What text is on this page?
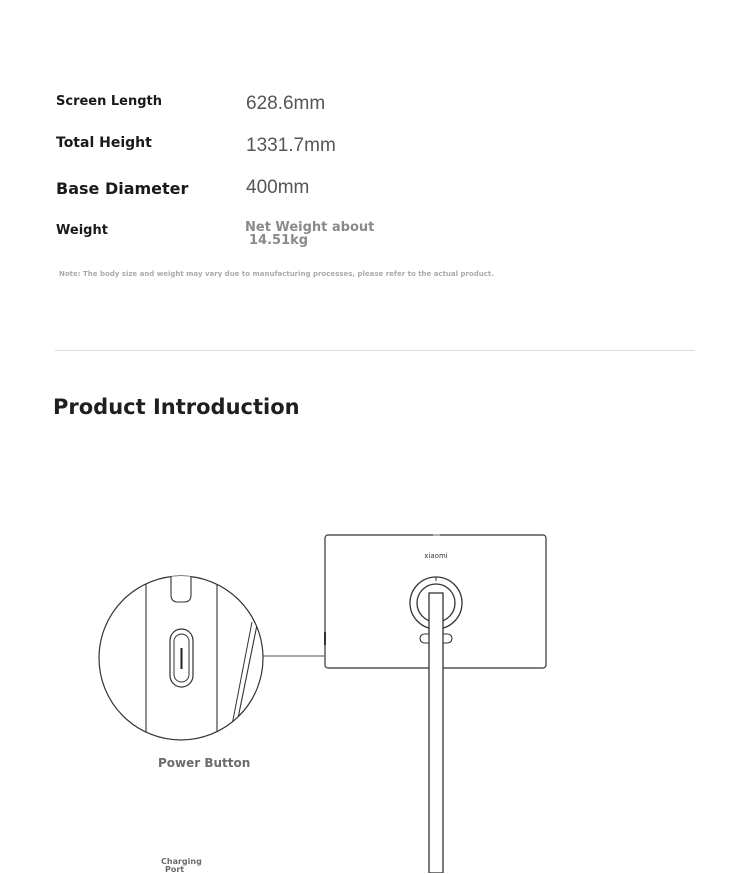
Screen Length	628.6mm
Total Height	1331.7mm
Base Diameter	400mm
Weight	Net Weight about
14.51kg
Note: The body size and weight may vary due to manufacturing processes, please refer to the actual product.
Product Introduction
xiaomi
Power Button
Charging
Port
